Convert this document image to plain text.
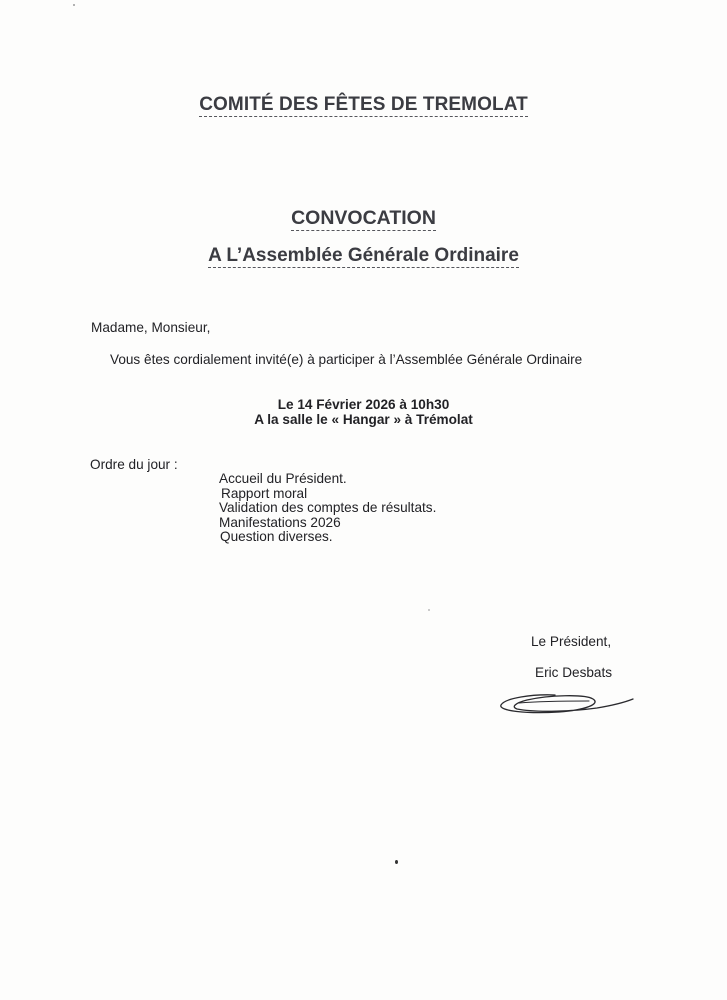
COMITÉ DES FÊTES DE TREMOLAT
CONVOCATION
A L’Assemblée Générale Ordinaire
Madame, Monsieur,
Vous êtes cordialement invité(e) à participer à l’Assemblée Générale Ordinaire
Le 14 Février 2026 à 10h30
A la salle le « Hangar » à Trémolat
Ordre du jour :
Accueil du Président.
Rapport moral
Validation des comptes de résultats.
Manifestations 2026
Question diverses.
Le Président,
Eric Desbats
